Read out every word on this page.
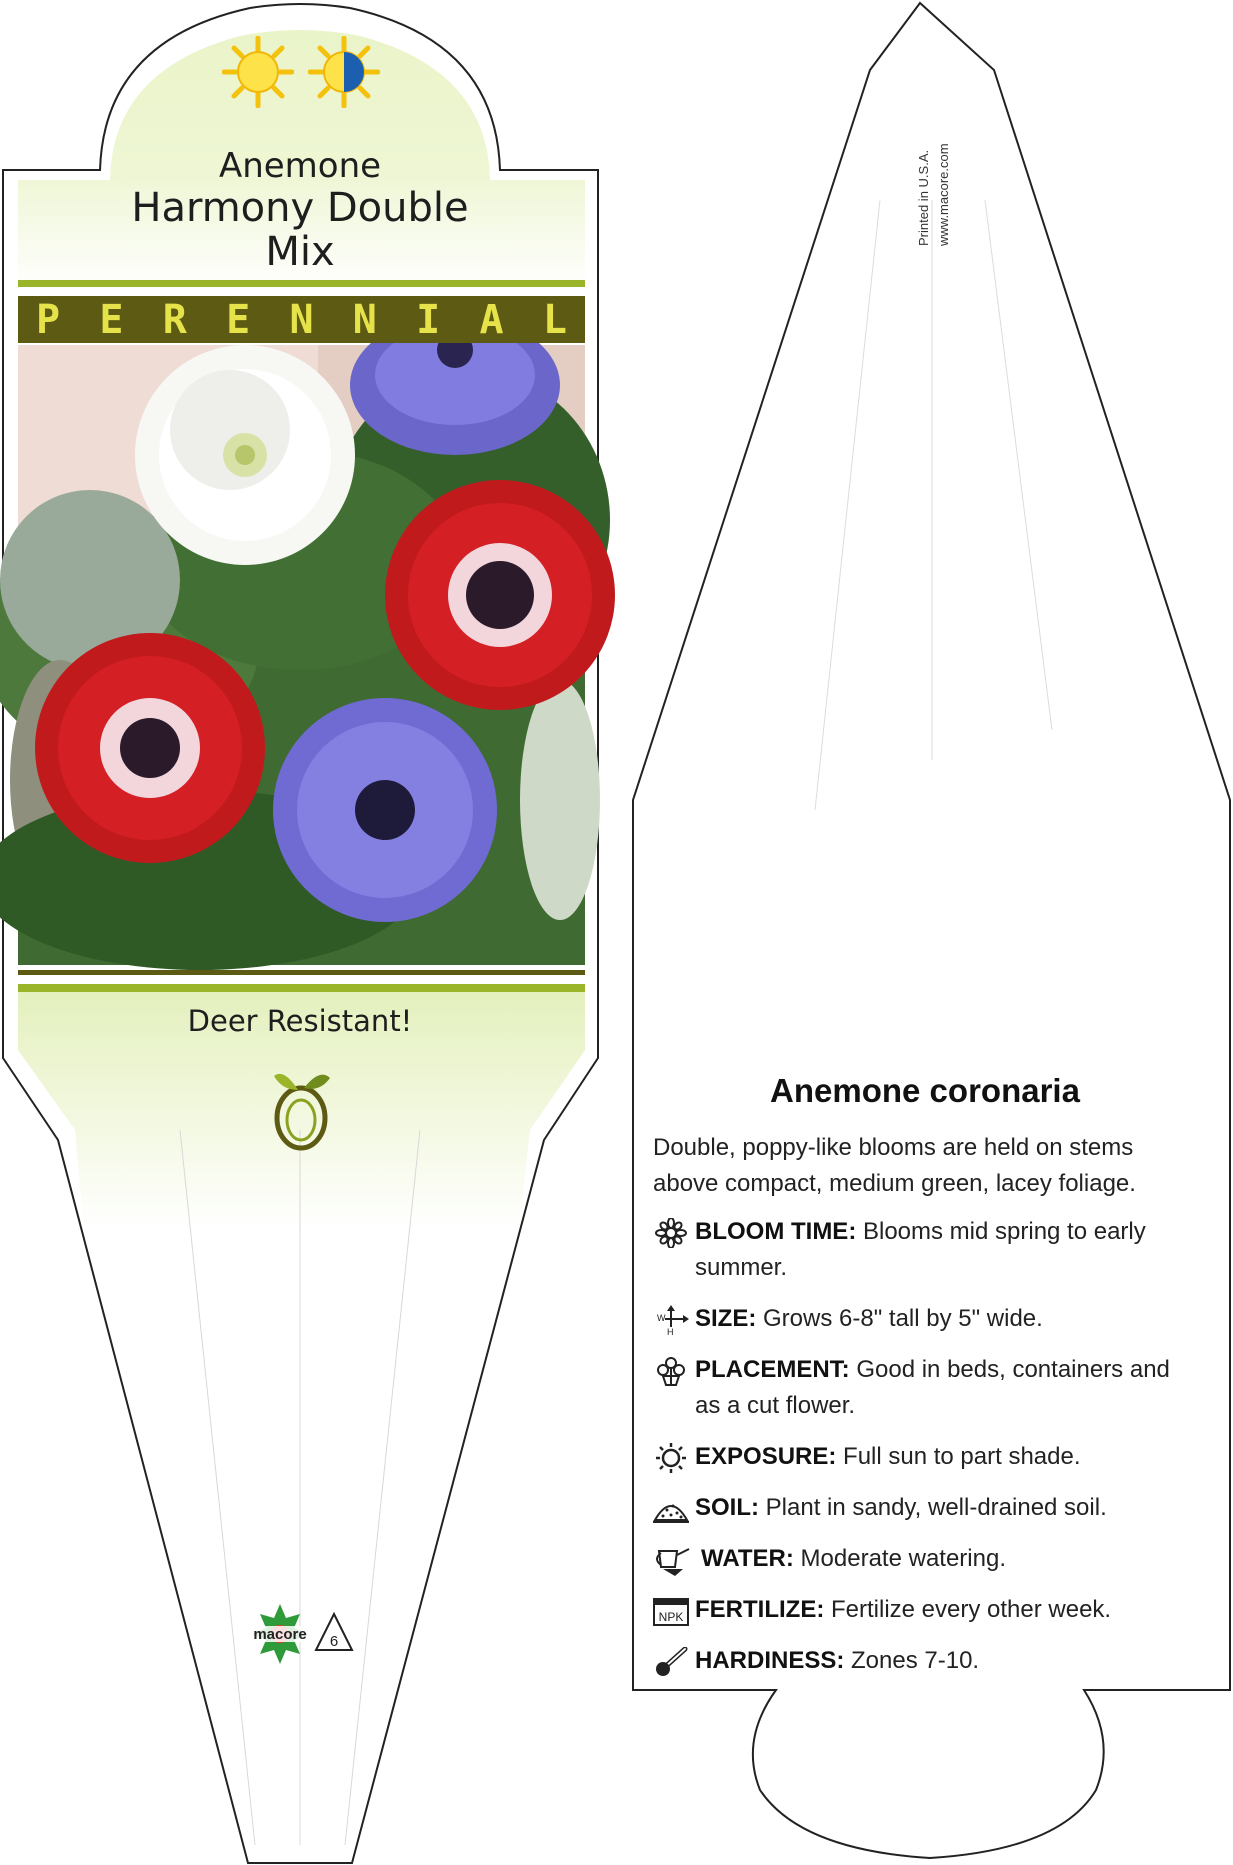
Anemone
Harmony Double
Mix
P E R E N N I A L
Deer Resistant!
macore 6
Printed in U.S.A. www.macore.com
Anemone coronaria

Double, poppy-like blooms are held on stems above compact, medium green, lacey foliage.

BLOOM TIME: Blooms mid spring to early summer.
W
H SIZE: Grows 6-8" tall by 5" wide.
PLACEMENT: Good in beds, containers and as a cut flower.
EXPOSURE: Full sun to part shade.
SOIL: Plant in sandy, well-drained soil.
WATER: Moderate watering.
NPK FERTILIZE: Fertilize every other week.
HARDINESS: Zones 7-10.
